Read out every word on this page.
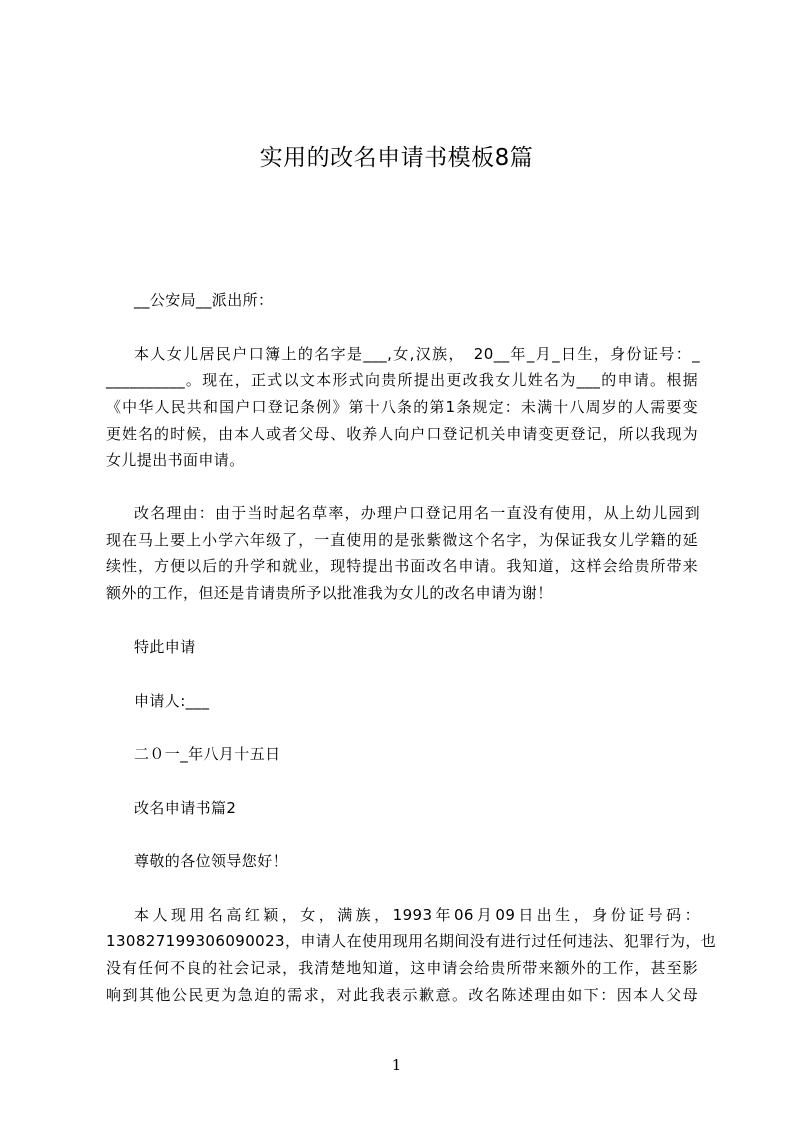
实用的改名申请书模板8篇
__公安局__派出所：
本人女儿居民户口簿上的名字是___,女,汉族，　20__年_月_日生，身份证号：_
__________。现在，正式以文本形式向贵所提出更改我女儿姓名为___的申请。根据
《中华人民共和国户口登记条例》第十八条的第1条规定：未满十八周岁的人需要变
更姓名的时候，由本人或者父母、收养人向户口登记机关申请变更登记，所以我现为
女儿提出书面申请。
改名理由：由于当时起名草率，办理户口登记用名一直没有使用，从上幼儿园到
现在马上要上小学六年级了，一直使用的是张紫微这个名字，为保证我女儿学籍的延
续性，方便以后的升学和就业，现特提出书面改名申请。我知道，这样会给贵所带来
额外的工作，但还是肯请贵所予以批准我为女儿的改名申请为谢！
特此申请
申请人:___
二０一_年八月十五日
改名申请书篇2
尊敬的各位领导您好！
本人现用名高红颖，女，满族，1993年06月09日出生，身份证号码：
130827199306090023，申请人在使用现用名期间没有进行过任何违法、犯罪行为，也
没有任何不良的社会记录，我清楚地知道，这申请会给贵所带来额外的工作，甚至影
响到其他公民更为急迫的需求，对此我表示歉意。改名陈述理由如下：因本人父母
1
